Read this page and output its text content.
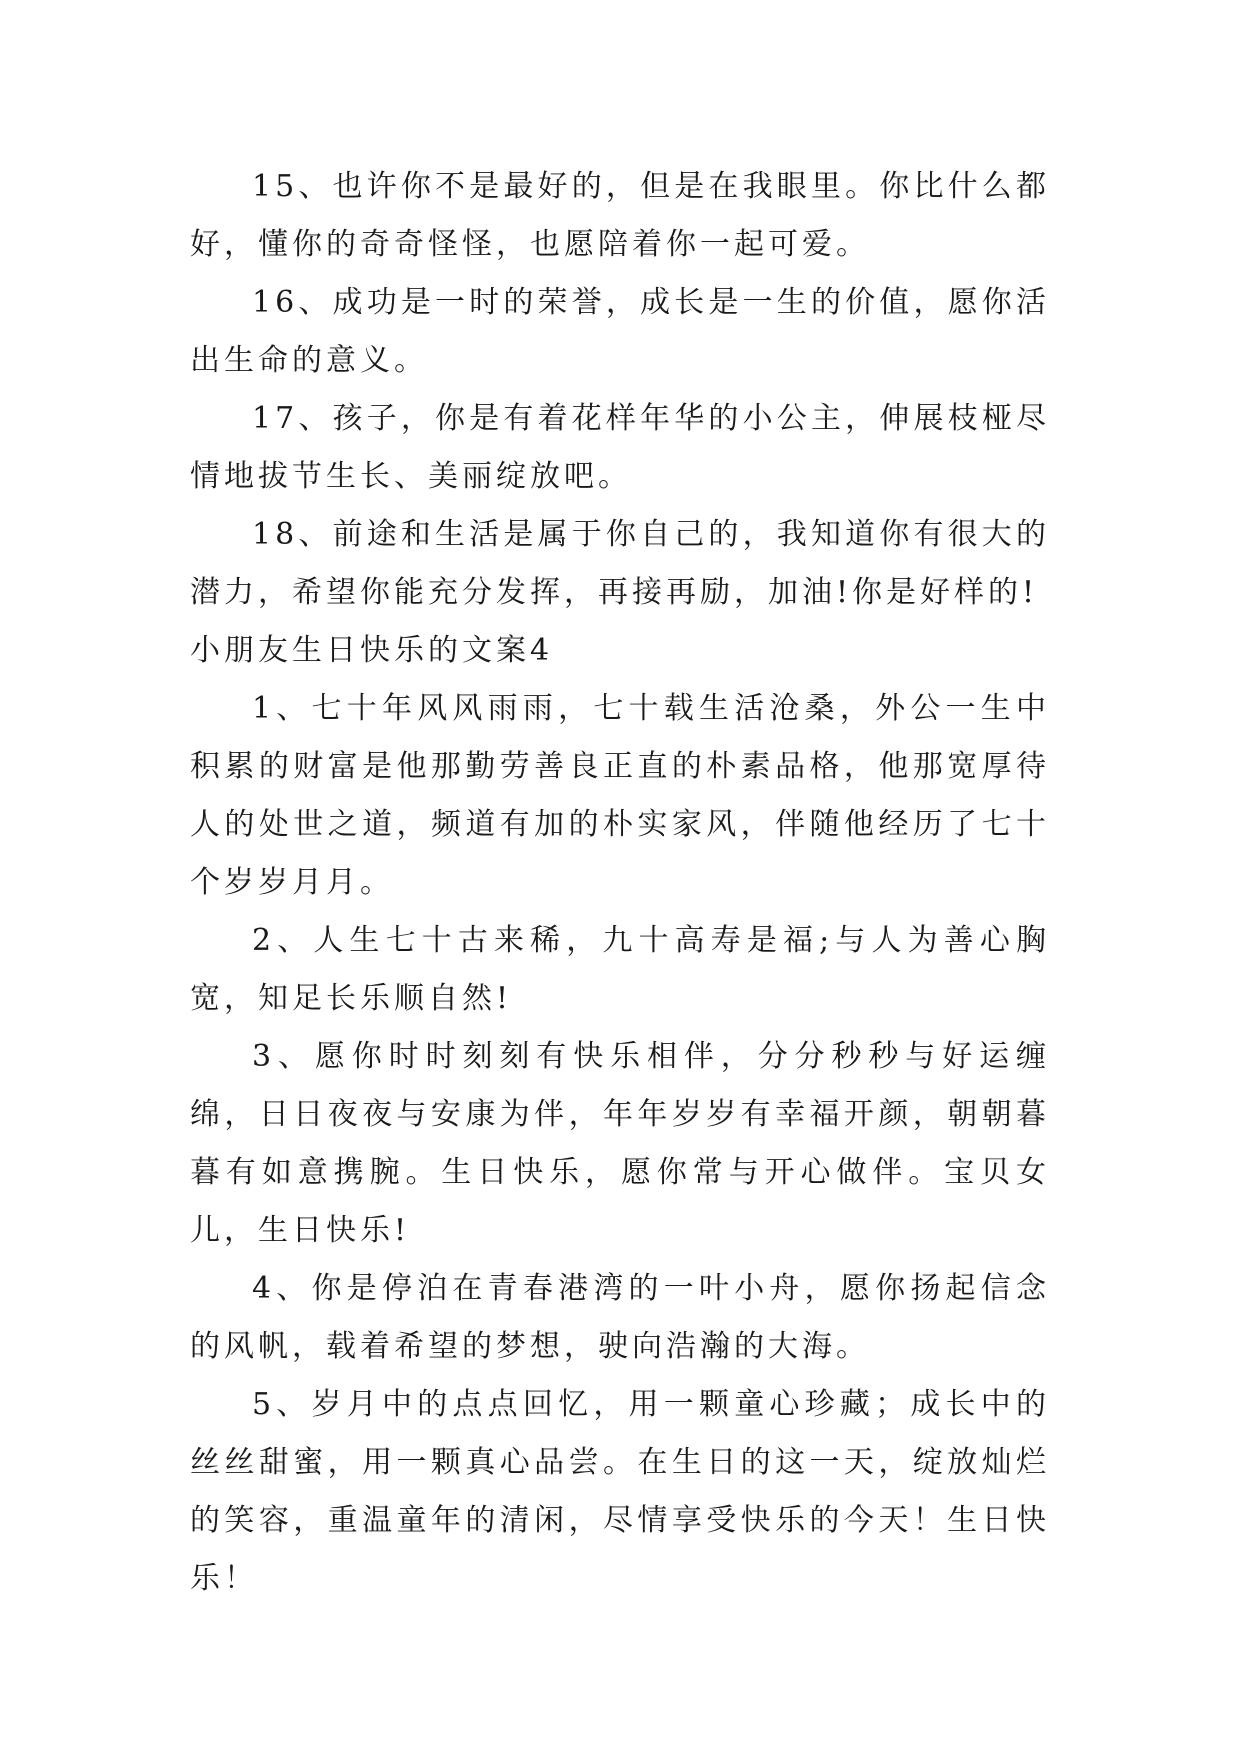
15、也许你不是最好的，但是在我眼里。你比什么都好，懂你的奇奇怪怪，也愿陪着你一起可爱。

16、成功是一时的荣誉，成长是一生的价值，愿你活出生命的意义。

17、孩子，你是有着花样年华的小公主，伸展枝桠尽情地拔节生长、美丽绽放吧。

18、前途和生活是属于你自己的，我知道你有很大的潜力，希望你能充分发挥，再接再励，加油!你是好样的!

小朋友生日快乐的文案4

1、七十年风风雨雨，七十载生活沧桑，外公一生中积累的财富是他那勤劳善良正直的朴素品格，他那宽厚待人的处世之道，频道有加的朴实家风，伴随他经历了七十个岁岁月月。

2、人生七十古来稀，九十高寿是福;与人为善心胸宽，知足长乐顺自然!

3、愿你时时刻刻有快乐相伴，分分秒秒与好运缠绵，日日夜夜与安康为伴，年年岁岁有幸福开颜，朝朝暮暮有如意携腕。生日快乐，愿你常与开心做伴。宝贝女儿，生日快乐!

4、你是停泊在青春港湾的一叶小舟，愿你扬起信念的风帆，载着希望的梦想，驶向浩瀚的大海。

5、岁月中的点点回忆，用一颗童心珍藏；成长中的丝丝甜蜜，用一颗真心品尝。在生日的这一天，绽放灿烂的笑容，重温童年的清闲，尽情享受快乐的今天！生日快乐！
